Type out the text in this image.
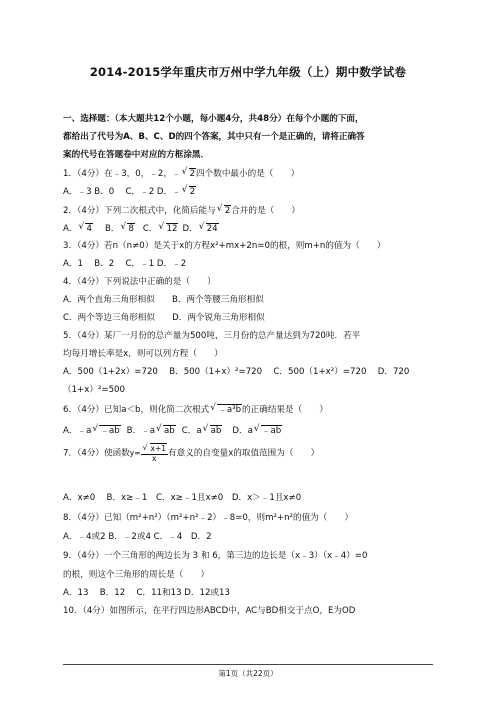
2014-2015学年重庆市万州中学九年级（上）期中数学试卷
一、选择题：（本大题共12个小题，每小题4分，共48分）在每个小题的下面，
都给出了代号为A、B、C、D的四个答案，其中只有一个是正确的，请将正确答
案的代号在答题卷中对应的方框涂黑．
1．（4分）在﹣3，0，﹣2，﹣ √ 2四个数中最小的是（　　）
A．﹣3 B．0　 C．﹣2 D．﹣ √ 2
2．（4分）下列二次根式中，化简后能与 √ 2合并的是（　　）
A． √ 4 B． √ 8 C． √ 12 D． √ 24
3．（4分）若n（n≠0）是关于x的方程x²+mx+2n=0的根，则m+n的值为（　　）
A．1　 B．2　 C．﹣1 D．﹣2
4．（4分）下列说法中正确的是（　　）
A．两个直角三角形相似　　B．两个等腰三角形相似
C．两个等边三角形相似　　D．两个锐角三角形相似
5．（4分）某厂一月份的总产量为500吨，三月份的总产量达到为720吨．若平
均每月增长率是x，则可以列方程（　　）
A．500（1+2x）=720　 B．500（1+x）²=720　 C．500（1+x²）=720　 D．720
（1+x）²=500
6．（4分）已知a＜b，则化简二次根式 √ ﹣a³b的正确结果是（　　）
A．﹣a √ ﹣ab B．﹣a √ ab C．a √ ab D．a √ ﹣ab
7．（4分）使函数$y= \frac{√ x+1}{x}$ 有意义的自变量x的取值范围为（　　）
A．x≠0　 B．x≥﹣1　C．x≥﹣1且x≠0　D．x＞﹣1且x≠0
8．（4分）已知（m²+n²）（m²+n²﹣2）﹣8=0，则m²+n²的值为（　　）
A．﹣4或2 B．﹣2或4 C．﹣4　D．2
9．（4分）一个三角形的两边长为 3 和 6，第三边的边长是（x﹣3）（x﹣4）=0
的根，则这个三角形的周长是（　　）
A．13　 B．12　 C．11和13 D．12或13
10．（4分）如图所示，在平行四边形ABCD中，AC与BD相交于点O，E为OD
第1页（共22页）
